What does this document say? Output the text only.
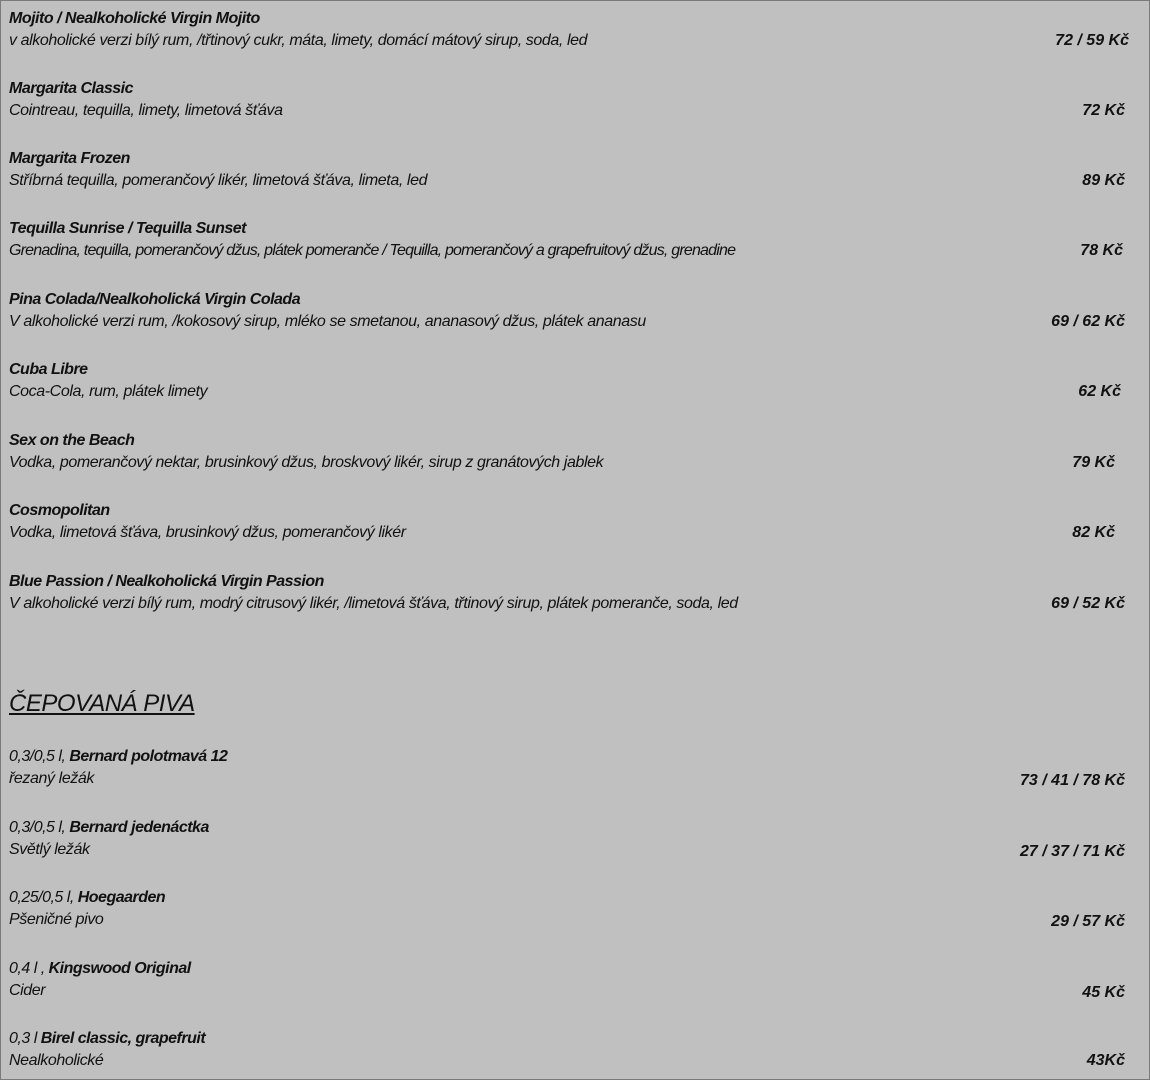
Mojito / Nealkoholické Virgin Mojito
v alkoholické verzi bílý rum, /třtinový cukr, máta, limety, domácí mátový sirup, soda, led	72 / 59 Kč
Margarita Classic
Cointreau, tequilla, limety, limetová šťáva	72 Kč
Margarita Frozen
Stříbrná tequilla, pomerančový likér, limetová šťáva, limeta, led	89 Kč
Tequilla Sunrise / Tequilla Sunset
Grenadina, tequilla, pomerančový džus, plátek pomeranče / Tequilla, pomerančový a grapefruitový džus, grenadine	78 Kč
Pina Colada/Nealkoholická Virgin Colada
V alkoholické verzi rum, /kokosový sirup, mléko se smetanou, ananasový džus, plátek ananasu	69 / 62 Kč
Cuba Libre
Coca-Cola, rum, plátek limety	62 Kč
Sex on the Beach
Vodka, pomerančový nektar, brusinkový džus, broskvový likér, sirup z granátových jablek	79 Kč
Cosmopolitan
Vodka, limetová šťáva, brusinkový džus, pomerančový likér	82 Kč
Blue Passion / Nealkoholická Virgin Passion
V alkoholické verzi bílý rum, modrý citrusový likér, /limetová šťáva, třtinový sirup, plátek pomeranče, soda, led	69 / 52 Kč
ČEPOVANÁ PIVA
0,3/0,5 l, Bernard polotmavá 12
řezaný ležák	73 / 41 / 78 Kč
0,3/0,5 l, Bernard jedenáctka
Světlý ležák	27 / 37 / 71 Kč
0,25/0,5 l, Hoegaarden
Pšeničné pivo	29 / 57 Kč
0,4 l , Kingswood Original
Cider	45 Kč
0,3 l Birel classic, grapefruit
Nealkoholické	43Kč
